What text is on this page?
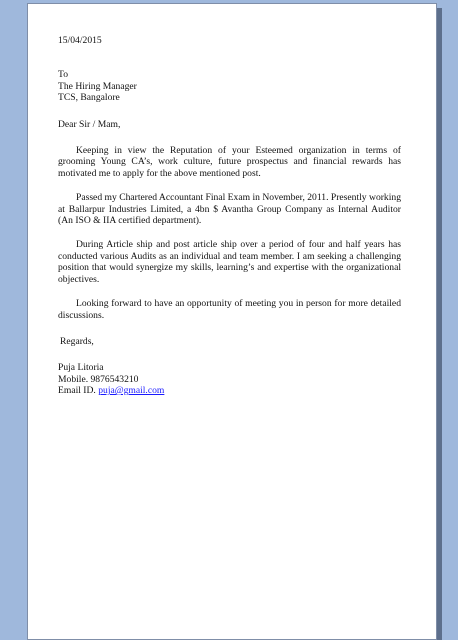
15/04/2015
To
The Hiring Manager
TCS, Bangalore
Dear Sir / Mam,

Keeping in view the Reputation of your Esteemed organization in terms of grooming Young CA’s, work culture, future prospectus and financial rewards has motivated me to apply for the above mentioned post.

Passed my Chartered Accountant Final Exam in November, 2011. Presently working at Ballarpur Industries Limited, a 4bn $ Avantha Group Company as Internal Auditor (An ISO & IIA certified department).

During Article ship and post article ship over a period of four and half years has conducted various Audits as an individual and team member. I am seeking a challenging position that would synergize my skills, learning’s and expertise with the organizational objectives.

Looking forward to have an opportunity of meeting you in person for more detailed discussions.

Regards,
Puja Litoria
Mobile. 9876543210
Email ID. puja@gmail.com
